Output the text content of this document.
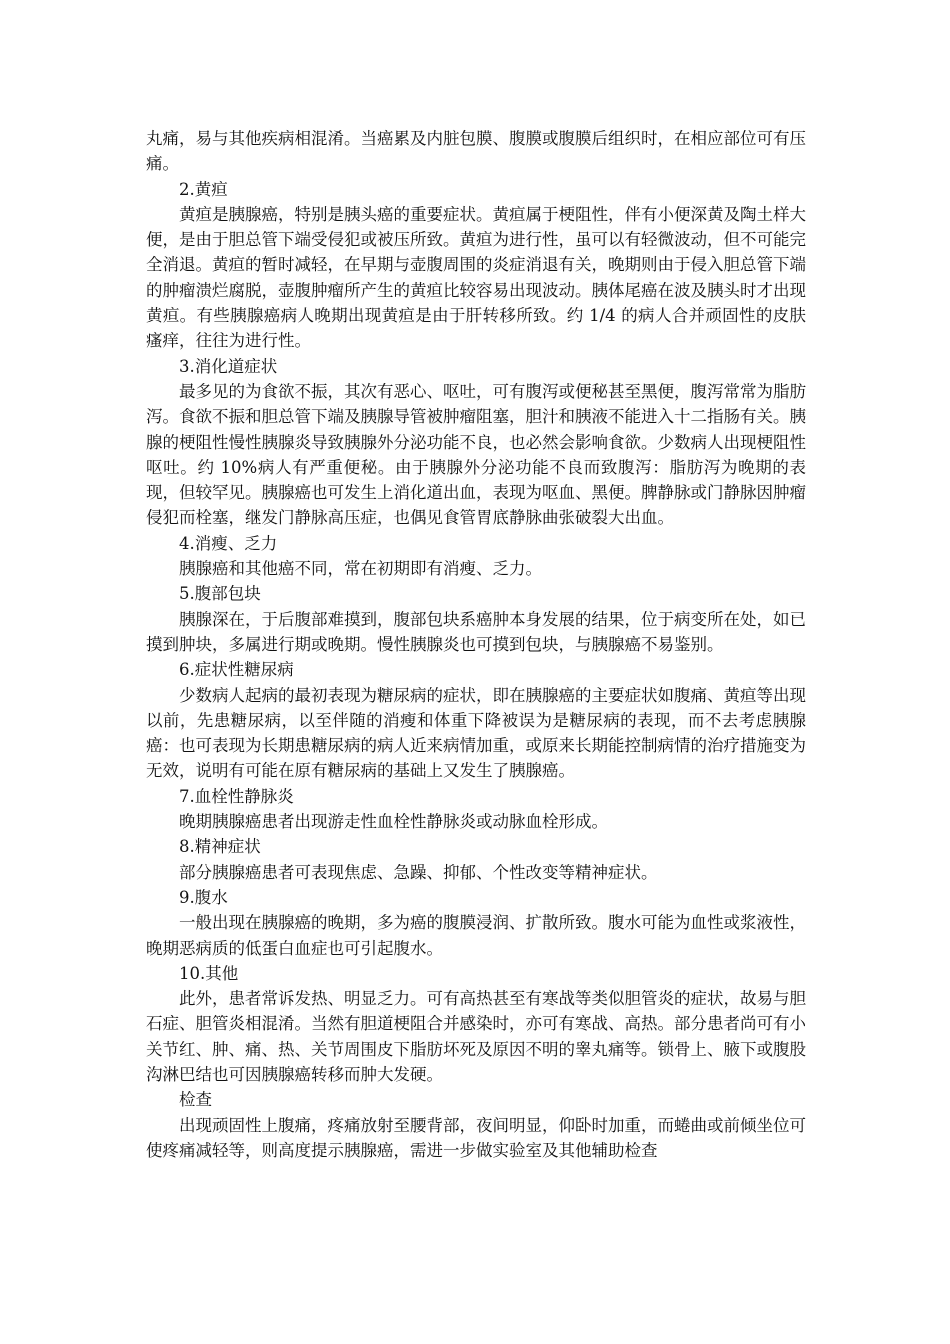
丸痛，易与其他疾病相混淆。当癌累及内脏包膜、腹膜或腹膜后组织时，在相应部位可有压痛。

2.黄疸

黄疸是胰腺癌，特别是胰头癌的重要症状。黄疸属于梗阻性，伴有小便深黄及陶土样大便，是由于胆总管下端受侵犯或被压所致。黄疸为进行性，虽可以有轻微波动，但不可能完全消退。黄疸的暂时减轻，在早期与壶腹周围的炎症消退有关，晚期则由于侵入胆总管下端的肿瘤溃烂腐脱，壶腹肿瘤所产生的黄疸比较容易出现波动。胰体尾癌在波及胰头时才出现黄疸。有些胰腺癌病人晚期出现黄疸是由于肝转移所致。约 1/4 的病人合并顽固性的皮肤瘙痒，往往为进行性。

3.消化道症状

最多见的为食欲不振，其次有恶心、呕吐，可有腹泻或便秘甚至黑便，腹泻常常为脂肪泻。食欲不振和胆总管下端及胰腺导管被肿瘤阻塞，胆汁和胰液不能进入十二指肠有关。胰腺的梗阻性慢性胰腺炎导致胰腺外分泌功能不良，也必然会影响食欲。少数病人出现梗阻性呕吐。约 10%病人有严重便秘。由于胰腺外分泌功能不良而致腹泻：脂肪泻为晚期的表现，但较罕见。胰腺癌也可发生上消化道出血，表现为呕血、黑便。脾静脉或门静脉因肿瘤侵犯而栓塞，继发门静脉高压症，也偶见食管胃底静脉曲张破裂大出血。

4.消瘦、乏力

胰腺癌和其他癌不同，常在初期即有消瘦、乏力。

5.腹部包块

胰腺深在，于后腹部难摸到，腹部包块系癌肿本身发展的结果，位于病变所在处，如已摸到肿块，多属进行期或晚期。慢性胰腺炎也可摸到包块，与胰腺癌不易鉴别。

6.症状性糖尿病

少数病人起病的最初表现为糖尿病的症状，即在胰腺癌的主要症状如腹痛、黄疸等出现以前，先患糖尿病，以至伴随的消瘦和体重下降被误为是糖尿病的表现，而不去考虑胰腺癌：也可表现为长期患糖尿病的病人近来病情加重，或原来长期能控制病情的治疗措施变为无效，说明有可能在原有糖尿病的基础上又发生了胰腺癌。

7.血栓性静脉炎

晚期胰腺癌患者出现游走性血栓性静脉炎或动脉血栓形成。

8.精神症状

部分胰腺癌患者可表现焦虑、急躁、抑郁、个性改变等精神症状。

9.腹水

一般出现在胰腺癌的晚期，多为癌的腹膜浸润、扩散所致。腹水可能为血性或浆液性，晚期恶病质的低蛋白血症也可引起腹水。

10.其他

此外，患者常诉发热、明显乏力。可有高热甚至有寒战等类似胆管炎的症状，故易与胆石症、胆管炎相混淆。当然有胆道梗阻合并感染时，亦可有寒战、高热。部分患者尚可有小关节红、肿、痛、热、关节周围皮下脂肪坏死及原因不明的睾丸痛等。锁骨上、腋下或腹股沟淋巴结也可因胰腺癌转移而肿大发硬。

检查

出现顽固性上腹痛，疼痛放射至腰背部，夜间明显，仰卧时加重，而蜷曲或前倾坐位可使疼痛减轻等，则高度提示胰腺癌，需进一步做实验室及其他辅助检查
